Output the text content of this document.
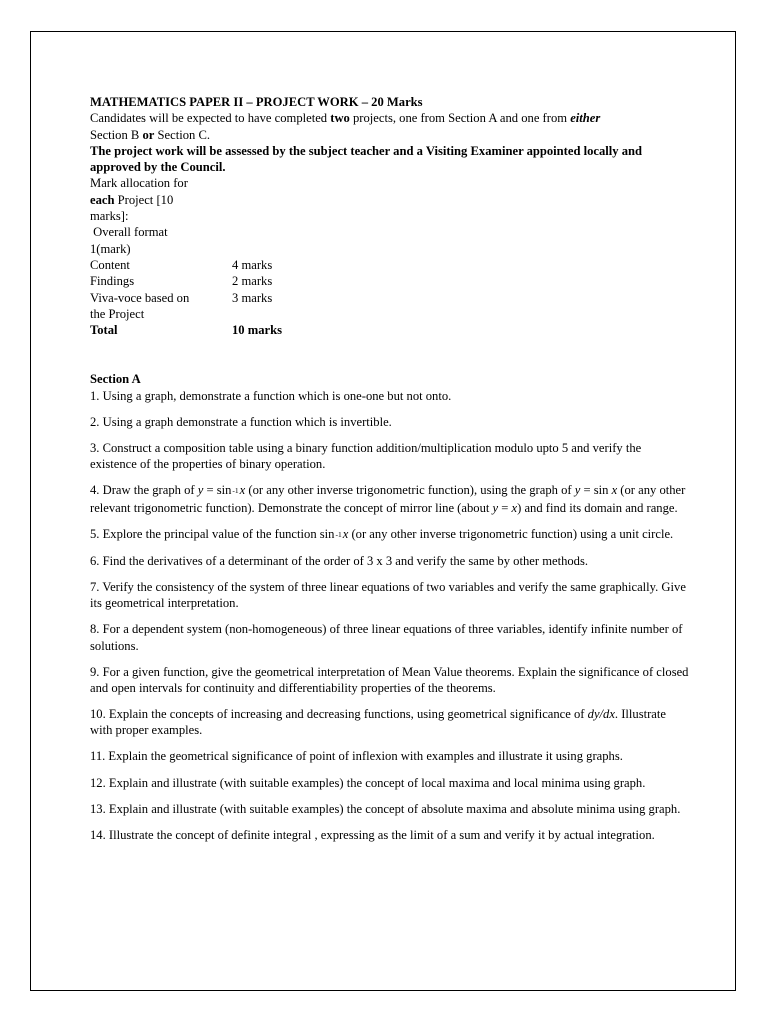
MATHEMATICS PAPER II – PROJECT WORK – 20 Marks

Candidates will be expected to have completed two projects, one from Section A and one from either
Section B or Section C.

The project work will be assessed by the subject teacher and a Visiting Examiner appointed locally and approved by the Council.

Mark allocation for

each Project [10

marks]:

Overall format

1(mark)

Content	4 marks
Findings	2 marks
Viva-voce based on	3 marks
the Project
Total	10 marks

Section A

1. Using a graph, demonstrate a function which is one-one but not onto.

2. Using a graph demonstrate a function which is invertible.

3. Construct a composition table using a binary function addition/multiplication modulo upto 5 and verify the existence of the properties of binary operation.

4. Draw the graph of $y = \sin_{-1}x$ (or any other inverse trigonometric function), using the graph of y = sin x (or any other relevant trigonometric function). Demonstrate the concept of mirror line (about y = x) and find its domain and range.

5. Explore the principal value of the function $\sin_{-1}x$ (or any other inverse trigonometric function) using a unit circle.

6. Find the derivatives of a determinant of the order of 3 x 3 and verify the same by other methods.

7. Verify the consistency of the system of three linear equations of two variables and verify the same graphically. Give its geometrical interpretation.

8. For a dependent system (non-homogeneous) of three linear equations of three variables, identify infinite number of solutions.

9. For a given function, give the geometrical interpretation of Mean Value theorems. Explain the significance of closed and open intervals for continuity and differentiability properties of the theorems.

10. Explain the concepts of increasing and decreasing functions, using geometrical significance of dy/dx. Illustrate with proper examples.

11. Explain the geometrical significance of point of inflexion with examples and illustrate it using graphs.

12. Explain and illustrate (with suitable examples) the concept of local maxima and local minima using graph.

13. Explain and illustrate (with suitable examples) the concept of absolute maxima and absolute minima using graph.

14. Illustrate the concept of definite integral , expressing as the limit of a sum and verify it by actual integration.
